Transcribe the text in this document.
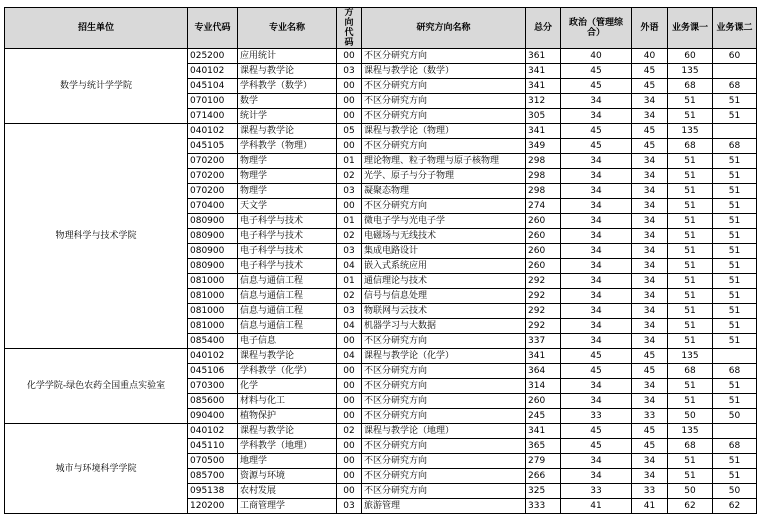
招生单位	专业代码	专业名称	方向代码	研究方向名称	总分	政治（管理综合）	外语	业务课一	业务课二
数学与统计学学院	025200	应用统计	00	不区分研究方向	361	40	40	60	60
	040102	课程与教学论	03	课程与教学论（数学）	341	45	45	135	
	045104	学科教学（数学）	00	不区分研究方向	341	45	45	68	68
	070100	数学	00	不区分研究方向	312	34	34	51	51
	071400	统计学	00	不区分研究方向	305	34	34	51	51
物理科学与技术学院	040102	课程与教学论	05	课程与教学论（物理）	341	45	45	135	
	045105	学科教学（物理）	00	不区分研究方向	349	45	45	68	68
	070200	物理学	01	理论物理、粒子物理与原子核物理	298	34	34	51	51
	070200	物理学	02	光学、原子与分子物理	298	34	34	51	51
	070200	物理学	03	凝聚态物理	298	34	34	51	51
	070400	天文学	00	不区分研究方向	274	34	34	51	51
	080900	电子科学与技术	01	微电子学与光电子学	260	34	34	51	51
	080900	电子科学与技术	02	电磁场与无线技术	260	34	34	51	51
	080900	电子科学与技术	03	集成电路设计	260	34	34	51	51
	080900	电子科学与技术	04	嵌入式系统应用	260	34	34	51	51
	081000	信息与通信工程	01	通信理论与技术	292	34	34	51	51
	081000	信息与通信工程	02	信号与信息处理	292	34	34	51	51
	081000	信息与通信工程	03	物联网与云技术	292	34	34	51	51
	081000	信息与通信工程	04	机器学习与大数据	292	34	34	51	51
	085400	电子信息	00	不区分研究方向	337	34	34	51	51
化学学院-绿色农药全国重点实验室	040102	课程与教学论	04	课程与教学论（化学）	341	45	45	135	
	045106	学科教学（化学）	00	不区分研究方向	364	45	45	68	68
	070300	化学	00	不区分研究方向	314	34	34	51	51
	085600	材料与化工	00	不区分研究方向	260	34	34	51	51
	090400	植物保护	00	不区分研究方向	245	33	33	50	50
城市与环境科学学院	040102	课程与教学论	02	课程与教学论（地理）	341	45	45	135	
	045110	学科教学（地理）	00	不区分研究方向	365	45	45	68	68
	070500	地理学	00	不区分研究方向	279	34	34	51	51
	085700	资源与环境	00	不区分研究方向	266	34	34	51	51
	095138	农村发展	00	不区分研究方向	325	33	33	50	50
	120200	工商管理学	03	旅游管理	333	41	41	62	62
